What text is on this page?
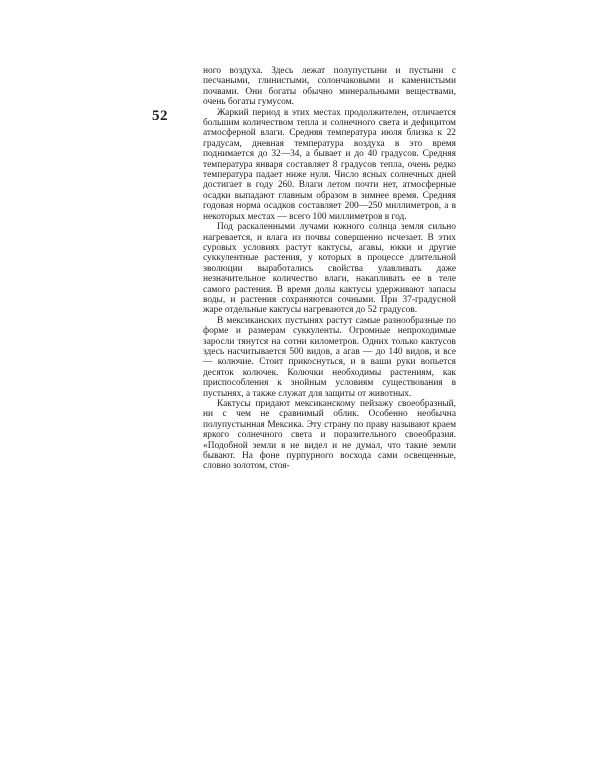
52

ного воздуха. Здесь лежат полупустыни и пустыни с песчаными, глинистыми, солончаковыми и каменистыми почвами. Они богаты обычно минеральными веществами, очень богаты гумусом.

Жаркий период в этих местах продолжителен, отличается большим количеством тепла и солнечного света и дефицитом атмосферной влаги. Средняя температура июля близка к 22 градусам, дневная температура воздуха в это время поднимается до 32—34, а бывает и до 40 градусов. Средняя температура января составляет 8 градусов тепла, очень редко температура падает ниже нуля. Число ясных солнечных дней достигает в году 260. Влаги летом почти нет, атмосферные осадки выпадают главным образом в зимнее время. Средняя годовая норма осадков составляет 200—250 миллиметров, а в некоторых местах — всего 100 миллиметров в год.

Под раскаленными лучами южного солнца земля сильно нагревается, и влага из почвы совершенно исчезает. В этих суровых условиях растут кактусы, агавы, юкки и другие суккулентные растения, у которых в процессе длительной эволюции выработались свойства улавливать даже незначительное количество влаги, накапливать ее в теле самого растения. В время долы кактусы удерживают запасы воды, и растения сохраняются сочными. При 37-градусной жаре отдельные кактусы нагреваются до 52 градусов.

В мексиканских пустынях растут самые разнообразные по форме и размерам суккуленты. Огромные непроходимые заросли тянутся на сотни километров. Одних только кактусов здесь насчитывается 500 видов, а агав — до 140 видов, и все — колючие. Стоит прикоснуться, и в ваши руки вопьется десяток колючек. Колючки необходимы растениям, как приспособления к знойным условиям существования в пустынях, а также служат для защиты от животных.

Кактусы придают мексиканскому пейзажу своеобразный, ни с чем не сравнимый облик. Особенно необычна полупустынная Мексика. Эту страну по праву называют краем яркого солнечного света и поразительного своеобразия. «Подобной земли я не видел и не думал, что такие земли бывают. На фоне пурпурного восхода сами освещенные, словно золотом, стоя-
